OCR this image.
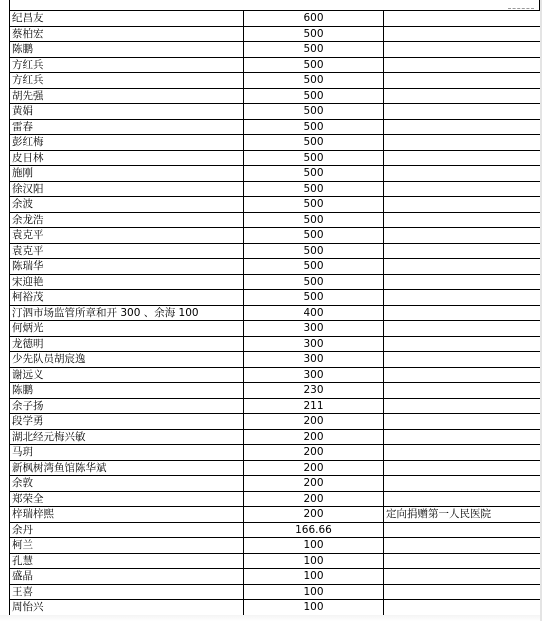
纪昌友	600	
蔡柏宏	500	
陈鹏	500	
方红兵	500	
方红兵	500	
胡先强	500	
黄娟	500	
雷春	500	
彭红梅	500	
皮日林	500	
施刚	500	
徐汉阳	500	
余波	500	
余龙浩	500	
袁克平	500	
袁克平	500	
陈瑞华	500	
宋迎艳	500	
柯裕茂	500	
汀泗市场监管所章和开 300 、余海 100	400	
何炳光	300	
龙德明	300	
少先队员胡宸逸	300	
谢远义	300	
陈鹏	230	
余子扬	211	
段学勇	200	
湖北经元梅兴敏	200	
马玥	200	
新枫树湾鱼馆陈华斌	200	
余敦	200	
郑荣全	200	
梓瑞梓熙	200	定向捐赠第一人民医院
余丹	166.66	
柯兰	100	
孔慧	100	
盛晶	100	
王喜	100	
周怡兴	100	
